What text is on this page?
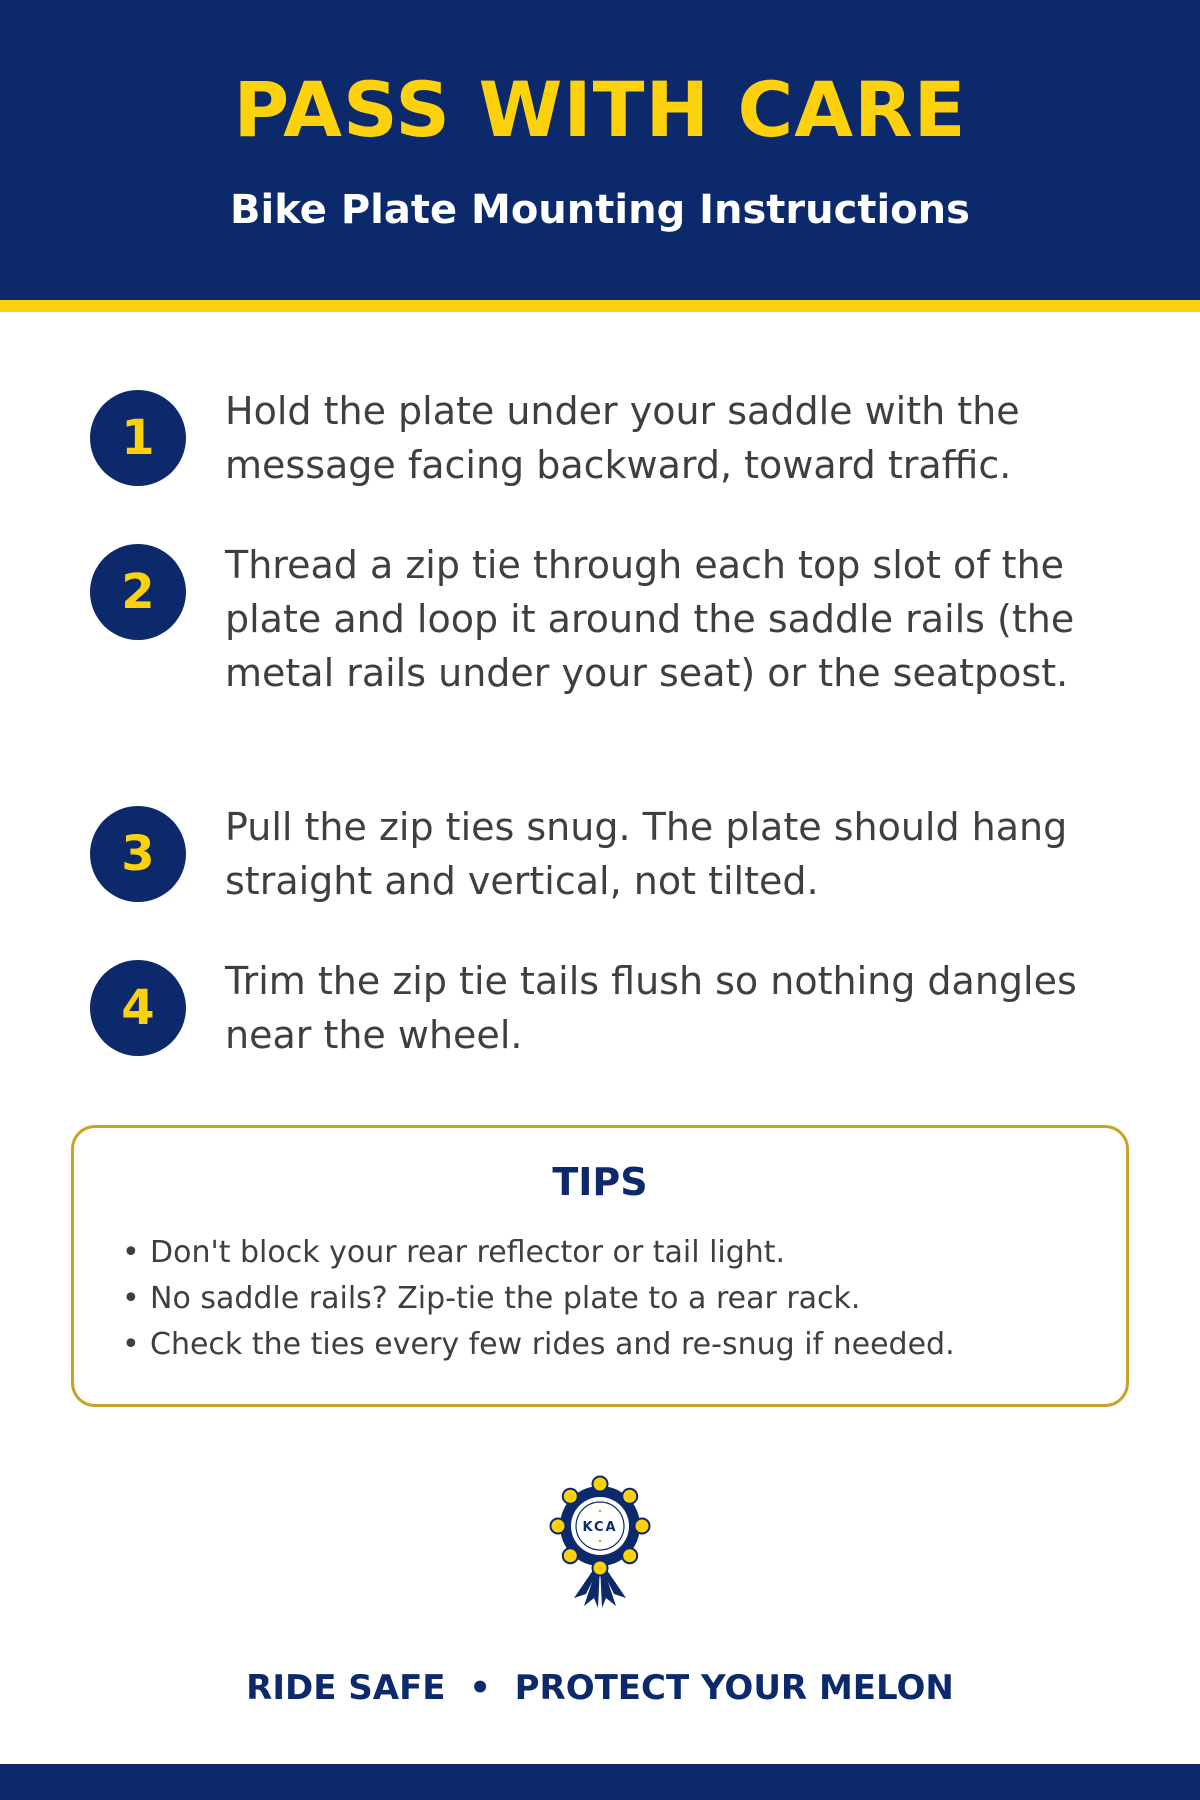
PASS WITH CARE
Bike Plate Mounting Instructions
1	Hold the plate under your saddle with the message facing backward, toward traffic.

2	Thread a zip tie through each top slot of the plate and loop it around the saddle rails (the metal rails under your seat) or the seatpost.

3	Pull the zip ties snug. The plate should hang straight and vertical, not tilted.

4	Trim the zip tie tails flush so nothing dangles near the wheel.

TIPS
• Don't block your rear reflector or tail light.
• No saddle rails? Zip-tie the plate to a rear rack.
• Check the ties every few rides and re-snug if needed.
KCA
RIDE SAFE  •  PROTECT YOUR MELON
